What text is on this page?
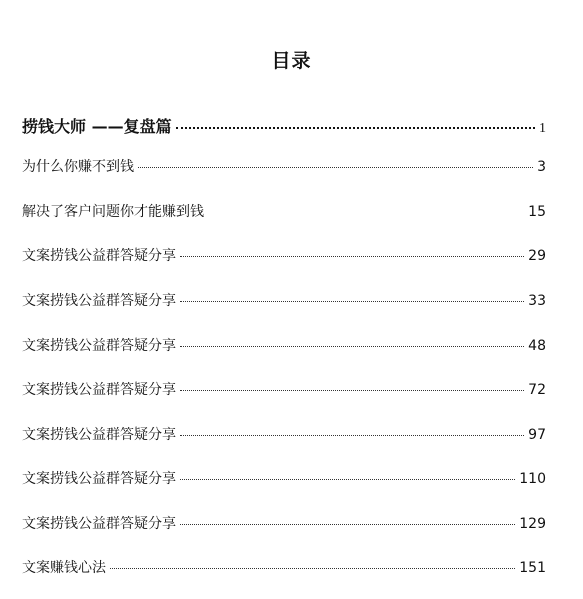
目录
捞钱大师 ——复盘篇	1
为什么你赚不到钱	3
解决了客户问题你才能赚到钱	15
文案捞钱公益群答疑分享	29
文案捞钱公益群答疑分享	33
文案捞钱公益群答疑分享	48
文案捞钱公益群答疑分享	72
文案捞钱公益群答疑分享	97
文案捞钱公益群答疑分享	110
文案捞钱公益群答疑分享	129
文案赚钱心法	151
